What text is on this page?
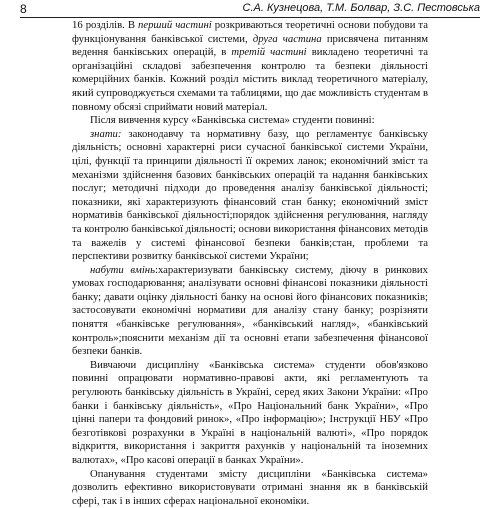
8	С.А. Кузнецова, Т.М. Болвар, З.С. Пестовська

16 розділів. В перший частині розкриваються теоретичні основи побудови та функціонування банківської системи, друга частина присвячена питанням ведення банківських операцій, в третій частині викладено теоретичні та організаційні складові забезпечення контролю та безпеки діяльності комерційних банків. Кожний розділ містить виклад теоретичного матеріалу, який супроводжується схемами та таблицями, що дає можливість студентам в повному обсязі сприймати новий матеріал.

Після вивчення курсу «Банківська система» студенти повинні:

знати: законодавчу та нормативну базу, що регламентує банківську діяльність; основні характерні риси сучасної банківської системи України, цілі, функції та принципи діяльності її окремих ланок; економічний зміст та механізми здійснення базових банківських операцій та надання банківських послуг; методичні підходи до проведення аналізу банківської діяльності; показники, які характеризують фінансовий стан банку; економічний зміст нормативів банківської діяльності;порядок здійснення регулювання, нагляду та контролю банківської діяльності; основи використання фінансових методів та важелів у системі фінансової безпеки банків;стан, проблеми та перспективи розвитку банківської системи України;

набути вмінь:характеризувати банківську систему, діючу в ринкових умовах господарювання; аналізувати основні фінансові показники діяльності банку; давати оцінку діяльності банку на основі його фінансових показників; застосовувати економічні нормативи для аналізу стану банку; розрізняти поняття «банківське регулювання», «банківський нагляд», «банківський контроль»;пояснити механізм дії та основні етапи забезпечення фінансової безпеки банків.

Вивчаючи дисципліну «Банківська система» студенти обов'язково повинні опрацювати нормативно-правові акти, які регламентують та регулюють банківську діяльність в Україні, серед яких Закони України: «Про банки і банківську діяльність», «Про Національний банк України», «Про цінні папери та фондовий ринок», «Про інформацію»; Інструкції НБУ «Про безготівкові розрахунки в Україні в національній валюті», «Про порядок відкриття, використання і закриття рахунків у національній та іноземних валютах», «Про касові операції в банках України».

Опанування студентами змісту дисципліни «Банківська система» дозволить ефективно використовувати отримані знання як в банківській сфері, так і в інших сферах національної економіки.
